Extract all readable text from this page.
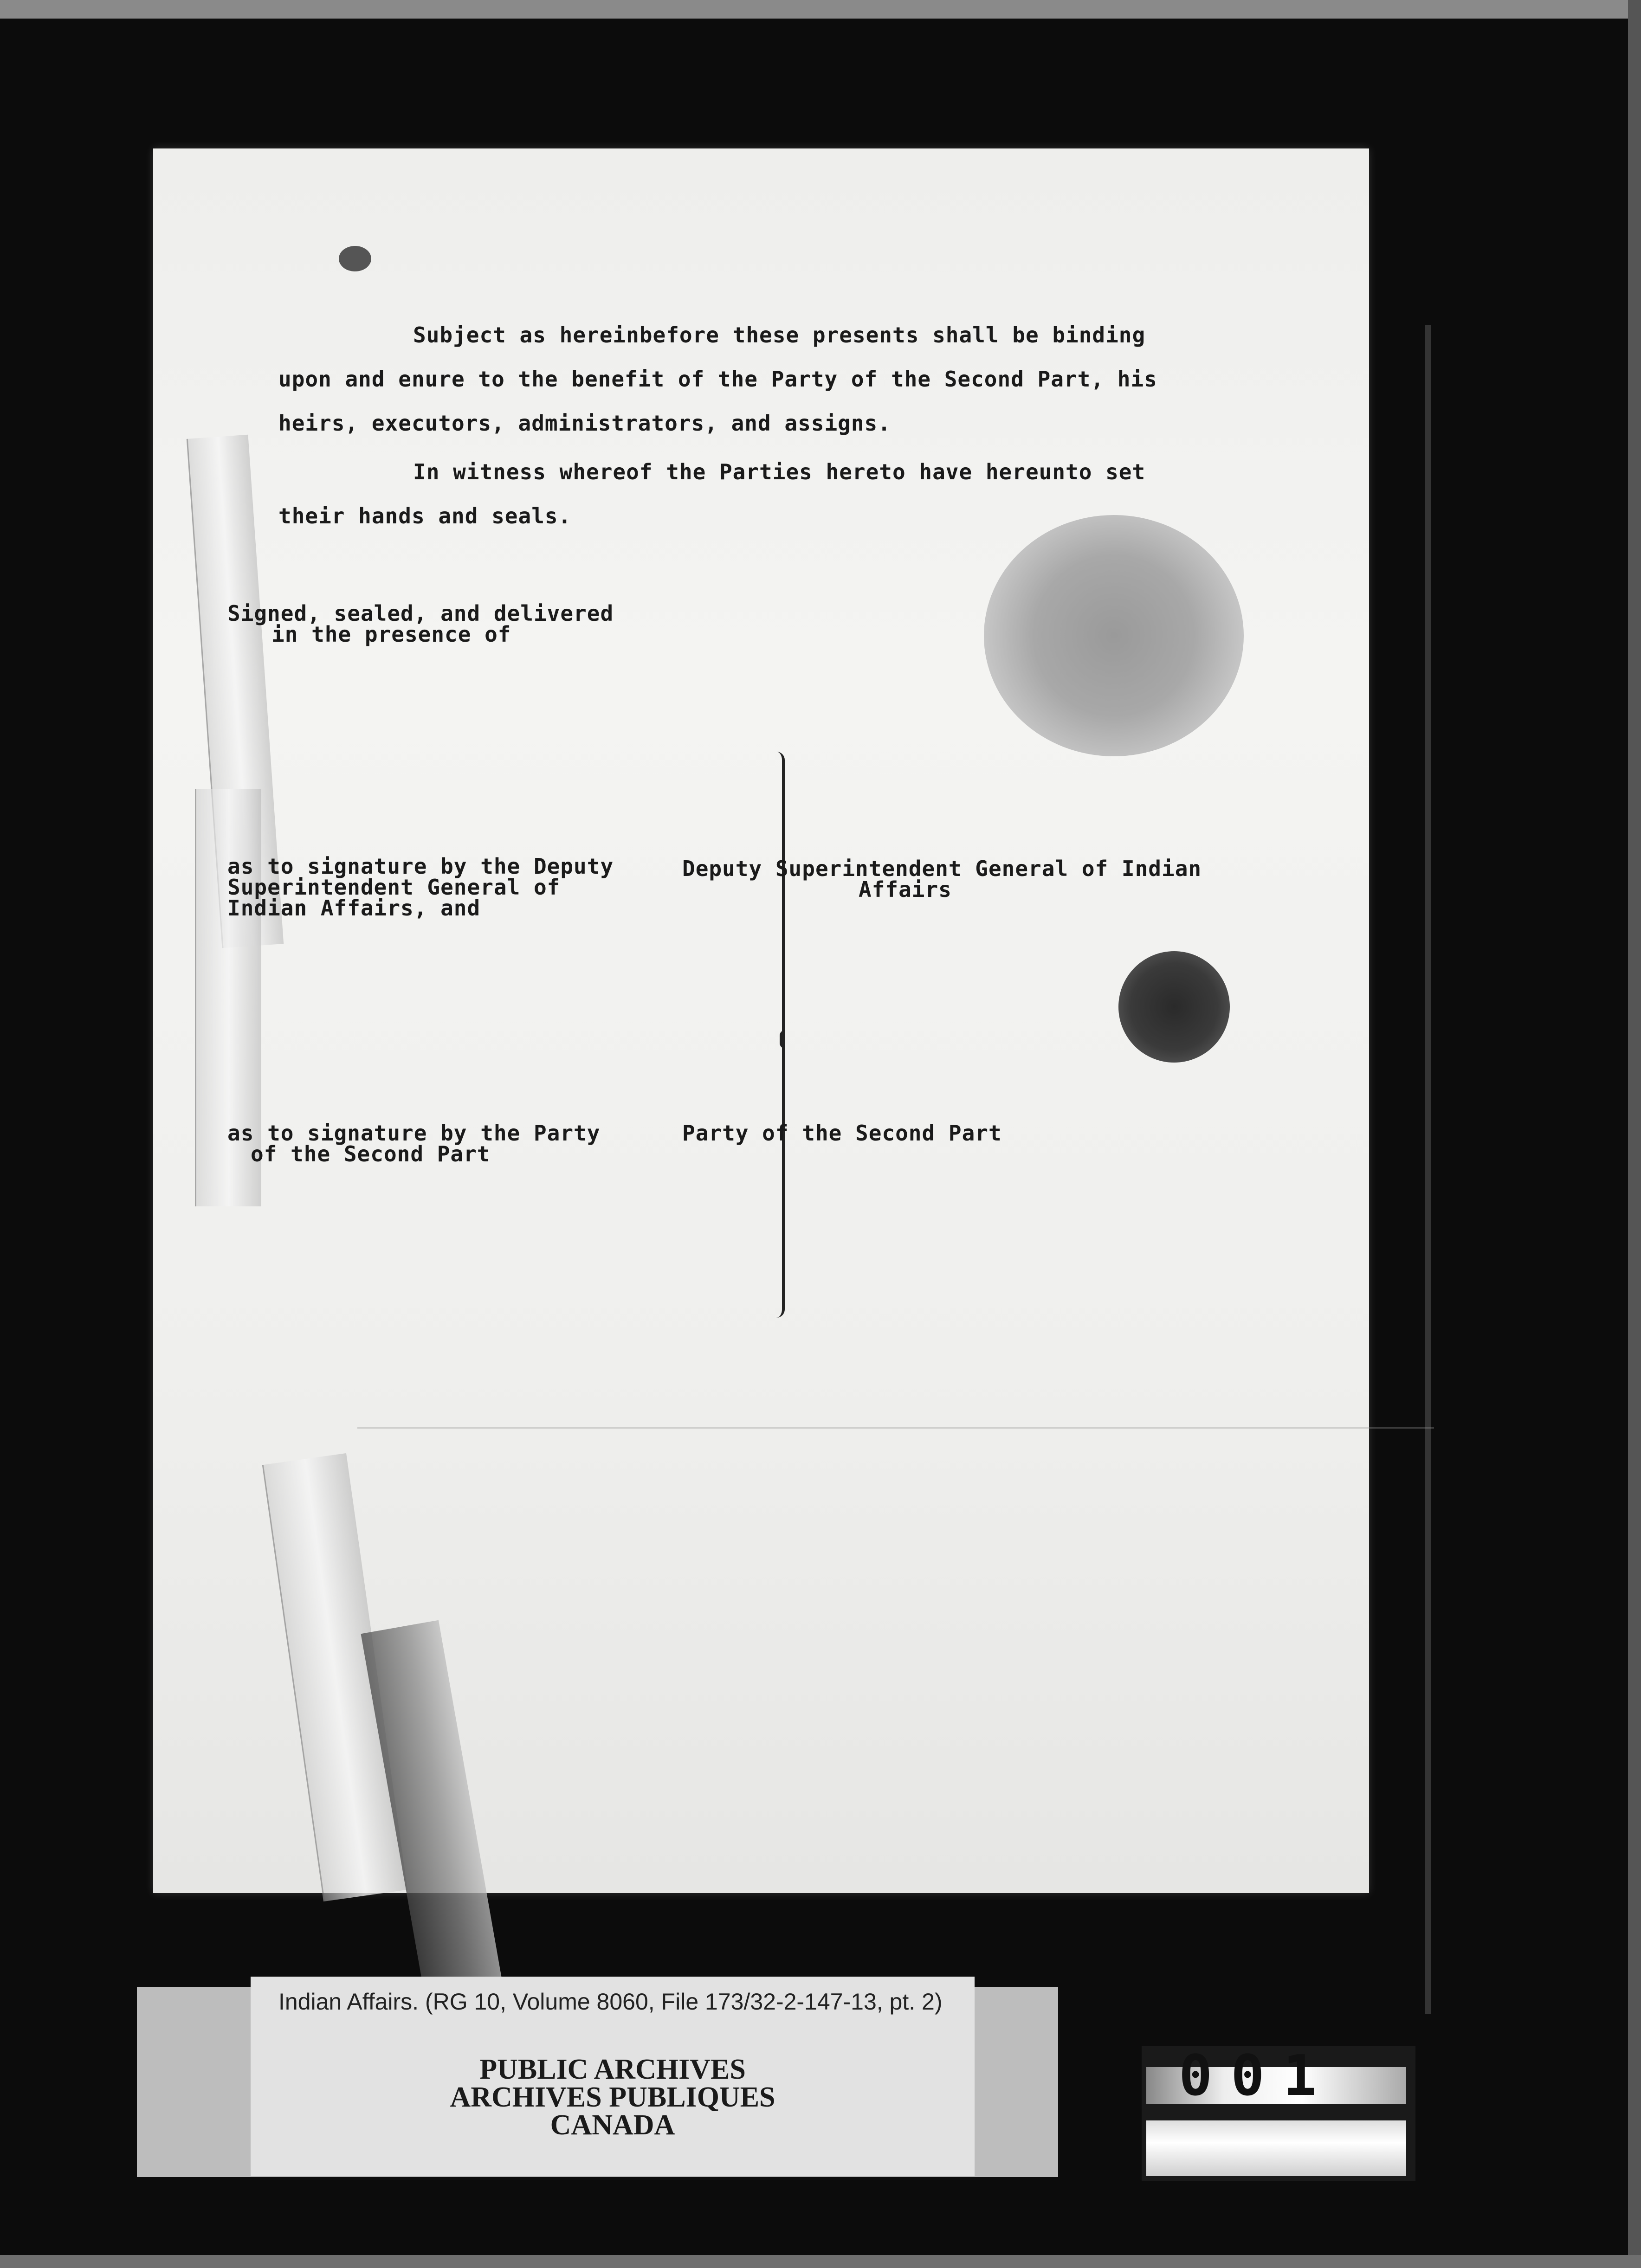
Subject as hereinbefore these presents shall be binding

upon and enure to the benefit of the Party of the Second Part, his

heirs, executors, administrators, and assigns.

In witness whereof the Parties hereto have hereunto set

their hands and seals.

Signed, sealed, and delivered

in the presence of

as to signature by the Deputy

Superintendent General of

Indian Affairs, and

as to signature by the Party

of the Second Part

Deputy Superintendent General of Indian

Affairs

Party of the Second Part

Indian Affairs. (RG 10, Volume 8060, File 173/32-2-147-13, pt. 2)

PUBLIC ARCHIVES

ARCHIVES PUBLIQUES

CANADA

001
